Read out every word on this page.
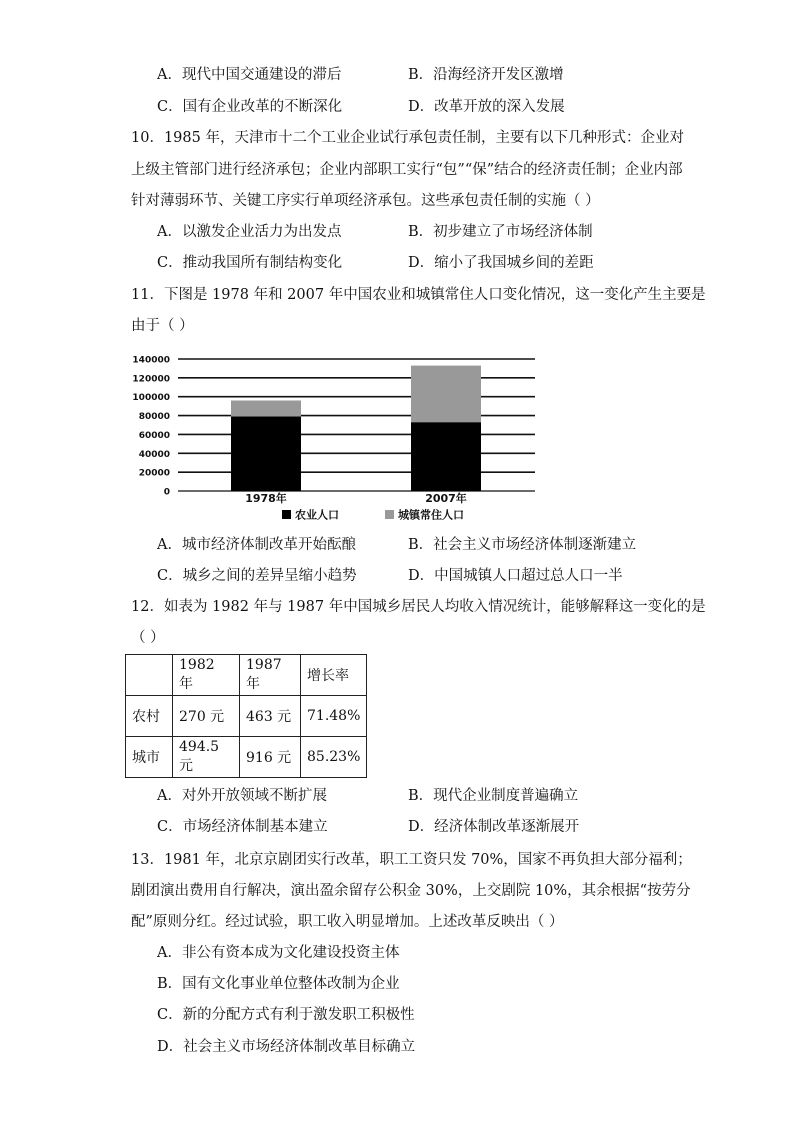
A．现代中国交通建设的滞后	B．沿海经济开发区激增
C．国有企业改革的不断深化	D．改革开放的深入发展
10．1985 年，天津市十二个工业企业试行承包责任制，主要有以下几种形式：企业对
上级主管部门进行经济承包；企业内部职工实行“包”“保”结合的经济责任制；企业内部
针对薄弱环节、关键工序实行单项经济承包。这些承包责任制的实施（ ）
A．以激发企业活力为出发点	B．初步建立了市场经济体制
C．推动我国所有制结构变化	D．缩小了我国城乡间的差距
11．下图是 1978 年和 2007 年中国农业和城镇常住人口变化情况，这一变化产生主要是
由于（ ）
0
20000
40000
60000
80000
100000
120000
140000
1978年	2007年
农业人口	城镇常住人口
A．城市经济体制改革开始酝酿	B．社会主义市场经济体制逐渐建立
C．城乡之间的差异呈缩小趋势	D．中国城镇人口超过总人口一半
12．如表为 1982 年与 1987 年中国城乡居民人均收入情况统计，能够解释这一变化的是
（ ）
	1982 年	1987 年	增长率
农村	270 元	463 元	71.48%
城市	494.5 元	916 元	85.23%
A．对外开放领域不断扩展	B．现代企业制度普遍确立
C．市场经济体制基本建立	D．经济体制改革逐渐展开
13．1981 年，北京京剧团实行改革，职工工资只发 70%，国家不再负担大部分福利；
剧团演出费用自行解决，演出盈余留存公积金 30%，上交剧院 10%，其余根据“按劳分
配”原则分红。经过试验，职工收入明显增加。上述改革反映出（ ）
A．非公有资本成为文化建设投资主体
B．国有文化事业单位整体改制为企业
C．新的分配方式有利于激发职工积极性
D．社会主义市场经济体制改革目标确立
